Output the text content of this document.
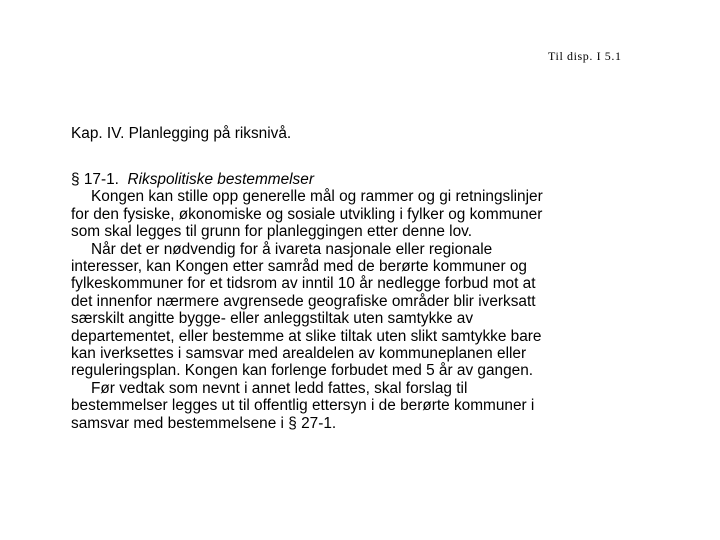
Til disp. I 5.1
Kap. IV. Planlegging på riksnivå.
§ 17-1. Rikspolitiske bestemmelser
Kongen kan stille opp generelle mål og rammer og gi retningslinjer
for den fysiske, økonomiske og sosiale utvikling i fylker og kommuner
som skal legges til grunn for planleggingen etter denne lov.
Når det er nødvendig for å ivareta nasjonale eller regionale
interesser, kan Kongen etter samråd med de berørte kommuner og
fylkeskommuner for et tidsrom av inntil 10 år nedlegge forbud mot at
det innenfor nærmere avgrensede geografiske områder blir iverksatt
særskilt angitte bygge- eller anleggstiltak uten samtykke av
departementet, eller bestemme at slike tiltak uten slikt samtykke bare
kan iverksettes i samsvar med arealdelen av kommuneplanen eller
reguleringsplan. Kongen kan forlenge forbudet med 5 år av gangen.
Før vedtak som nevnt i annet ledd fattes, skal forslag til
bestemmelser legges ut til offentlig ettersyn i de berørte kommuner i
samsvar med bestemmelsene i § 27-1.
